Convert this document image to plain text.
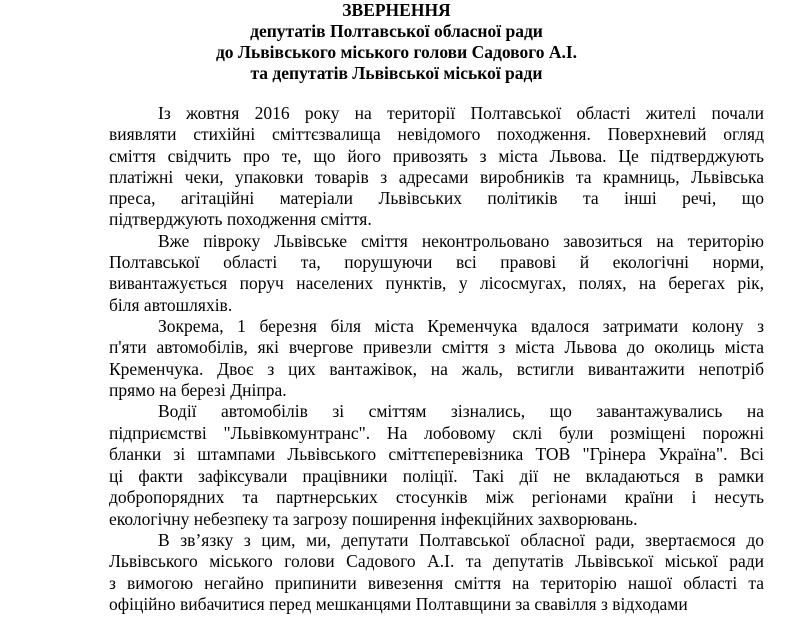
ЗВЕРНЕННЯ
депутатів Полтавської обласної ради
до Львівського міського голови Садового А.І.
та депутатів Львівської міської ради
Із жовтня 2016 року на території Полтавської області жителі почали
виявляти стихійні сміттєзвалища невідомого походження. Поверхневий огляд
сміття свідчить про те, що його привозять з міста Львова. Це підтверджують
платіжні чеки, упаковки товарів з адресами виробників та крамниць, Львівська
преса, агітаційні матеріали Львівських політиків та інші речі, що
підтверджують походження сміття.
Вже півроку Львівське сміття неконтрольовано завозиться на територію
Полтавської області та, порушуючи всі правові й екологічні норми,
вивантажується поруч населених пунктів, у лісосмугах, полях, на берегах рік,
біля автошляхів.
Зокрема, 1 березня біля міста Кременчука вдалося затримати колону з
п'яти автомобілів, які вчергове привезли сміття з міста Львова до околиць міста
Кременчука. Двоє з цих вантажівок, на жаль, встигли вивантажити непотріб
прямо на березі Дніпра.
Водії автомобілів зі сміттям зізнались, що завантажувались на
підприємстві "Львівкомунтранс". На лобовому склі були розміщені порожні
бланки зі штампами Львівського сміттєперевізника ТОВ "Грінера Україна". Всі
ці факти зафіксували працівники поліції. Такі дії не вкладаються в рамки
добропорядних та партнерських стосунків між регіонами країни і несуть
екологічну небезпеку та загрозу поширення інфекційних захворювань.
В зв’язку з цим, ми, депутати Полтавської обласної ради, звертаємося до
Львівського міського голови Садового А.І. та депутатів Львівської міської ради
з вимогою негайно припинити вивезення сміття на територію нашої області та
офіційно вибачитися перед мешканцями Полтавщини за свавілля з відходами
